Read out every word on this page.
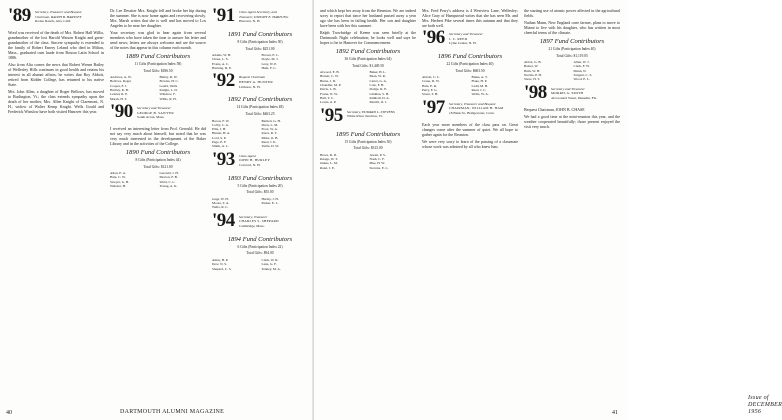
'89 Secretary, Treasurer and Bequest
Chairman, RALPH B. HARTLEY
Rodeo Ranch, Alta, Calif.

Word was received of the death of Mrs. Robert Hall Willis, grandmother of the lost Harold Watson Knight and great-grandmother of the class. Sincere sympathy is extended to the family of Robert Emery Leland who died in Milton, Mass., graduated cum laude from Boston Latin School in 1886.

Also from Alta comes the news that Robert Wrenn Bailey of Wellesley Hills continues in good health and retains his interest in all alumni affairs; he writes that Roy Abbott, retired from Kidder College, has returned to his native State.

Mrs. John Allen, a daughter of Roger Bellows, has moved to Burlington, Vt.; the class extends sympathy upon the death of her mother, Mrs. Allen Knight of Claremont, N. H., widow of Walter Kemp Knight. Wells Gould and Frederick Winslow have both visited Hanover this year.

Dr. Lee Dessiter Mrs. Knight fell and broke her hip during the summer. She is now home again and recovering slowly. Mrs. Marsh writes that she is well and has moved to Los Angeles to be near her daughter.

Your secretary was glad to hear again from several members who have taken the time to answer his letter and send news; letters are always welcome and are the source of the notes that appear in this column each month.

1889 Fund Contributors

11 Gifts (Participation Index 58)

Total Gifts: $186.50

Andrews, A. W.	Bailey, R. W.
Bellows, Roger	Bowles, H. C.
Cooper, F. J.	Gould, Wells
Hartley, R. B.	Knight, L. D.
Leland, R. E.	Winslow, F.
Marsh, H. T.	Willis, R. H.
'90 Secretary and Treasurer
GEORGE B. SAWYER
South Acton, Mass.

I received an interesting letter from Prof. Gerould. He did not say very much about himself, but noted that he was very much interested in the development of the Baker Library and in the activities of the College.

1890 Fund Contributors

8 Gifts (Participation Index 44)

Total Gifts: $121.00

Allen, E. A.	Gerould, J. H.
Hale, C. W.	Morton, F. B.
Sawyer, G. B.	Ward, C. L.
Webster, H.	Young, A. K.
'91 Class Agent Secretary, and
Treasurer, DWIGHT E. HARTUNG
Hanover, N. H.
1891 Fund Contributors

8 Gifts (Participation Index 50)

Total Gifts: $251.00

Adams, W. H.	Brown, E. L.
Chase, L. S.	Doyle, M. J.
Evans, A. C.	Gray, W. P.
Hartung, D. E.	Hunt, F. C.
'92 Bequest Chairman
HENRY A. HUNTER
Littleton, N. H.
1892 Fund Contributors

14 Gifts (Participation Index 48)

Total Gifts: $463.25

Bacon, F. W.	Bartlett, G. H.
Colby, C. A.	Drew, L. M.
Ellis, J. H.	Frost, W. A.
Hunter, H. A.	Knox, R. T.
Lord, S. P.	Miles, O. B.
Page, E. F.	Reed, J. K.
Smith, A. L.	Tuttle, D. W.
'93 Class Agent
JOHN H. HURLEY
Concord, N. H.
1893 Fund Contributors

5 Gifts (Participation Index 20)

Total Gifts: $55.00

Gage, W. H.	Hurley, J. H.
Moore, T. A.	Parker, E. L.
Wells, R. C.
'94 Secretary, Treasurer
CHARLES S. SHEPARD
Cambridge, Mass.
1894 Fund Contributors

6 Gifts (Participation Index 22)

Total Gifts: $94.00

Ames, H. P.	Clark, W. R.
Dow, N. S.	Lane, G. F.
Shepard, C. S.	Tenney, M. A.
40	DARTMOUTH ALUMNI MAGAZINE

and which kept her away from the Reunion. We are indeed sorry to report that since her husband passed away a year ago she has been in failing health. Her son and daughter have been with her this summer.

Ralph Trowbridge of Keene was seen briefly at the Dartmouth Night celebration; he looks well and says he hopes to be in Hanover for Commencement.

1892 Fund Contributors

36 Gifts (Participation Index 64)

Total Gifts: $1,449.50

Atwood, E. B.	Baker, H. L.
Barrett, C. W.	Bean, W. R.
Burns, J. D.	Carter, G. A.
Chandler, M. P.	Cole, F. H.
Davis, L. B.	Dodge, R. E.
Foster, N. W.	Glidden, S. H.
Hall, T. C.	Kimball, D. A.
Lewis, A. P.	Merrill, O. J.
'95 Secretary, EDWARD L. STEVENS
White River Junction, Vt.
1895 Fund Contributors

15 Gifts (Participation Index 30)

Total Gifts: $315.00

Howe, R. D.	Jewett, P. S.
Knapp, W. T.	Nash, C. F.
Oakes, L. M.	Pike, H. W.
Rand, J. E.	Stevens, E. L.

Mrs. Fred Perry's address is 4 Westview Lane, Wellesley; Alice Gray of Hampstead writes that she has seen Mr. and Mrs. Herbert Pike several times this autumn and that they are both well.

'96 Secretary and Treasurer
J. C. REED
Lyme Center, N. H.
1896 Fund Contributors

22 Gifts (Participation Index 40)

Total Gifts: $603.50

Abbott, C. L.	Blake, A. T.
Crane, D. W.	Fiske, H. P.
Hale, E. R.	Ladd, M. B.
Perry, F. G.	Reed, J. C.
Sloan, T. H.	Webb, W. A.
'97 Secretary, Treasurer and Bequest
CHAIRMAN, WILLIAM H. HAM
18 Bank St., Bridgewater, Conn.

Each year more members of the class pass on. Great changes come after the summer of quiet. We all hope to gather again for the Reunion.

We were very sorry to learn of the passing of a classmate whose work was admired by all who knew him.

the starting use of atomic power affected in the agricultural fields.

Nathan Mann, New England cone farmer, plans to move to Miami to live with his daughter, who has written in most cheerful terms of the climate.

1897 Fund Contributors

21 Gifts (Participation Index 40)

Total Gifts: $1,119.05

Abbot, G. B.	Allen, W. J.
Baxter, W.	Clark, F. W.
Ham, W. H.	Mann, N.
Nevins, P. H.	Sargent, C. S.
Snow, H. T.	Wood, E. L.
'98 Secretary and Treasurer
MORRIS A. SMITH
44 Leonard Street, Dunedin, Fla.

Bequest Chairman, JOHN B. CHASE

We had a good time at the mini-reunion this year, and the weather cooperated beautifully; those present enjoyed the visit very much.

Issue of DECEMBER 1956
41
